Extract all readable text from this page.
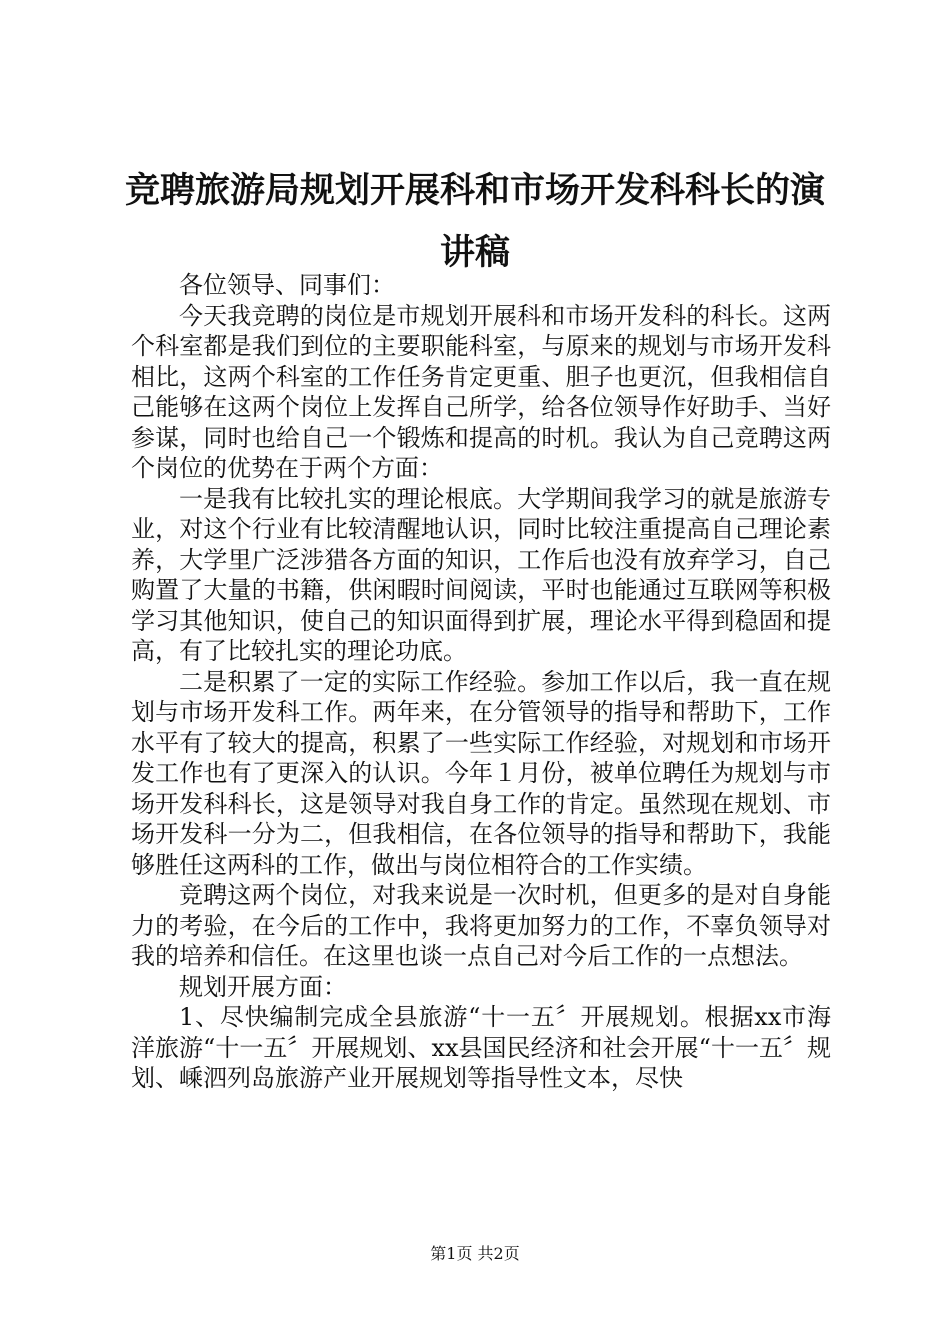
竞聘旅游局规划开展科和市场开发科科长的演讲稿

各位领导、同事们：

今天我竞聘的岗位是市规划开展科和市场开发科的科长。这两个科室都是我们到位的主要职能科室，与原来的规划与市场开发科相比，这两个科室的工作任务肯定更重、胆子也更沉，但我相信自己能够在这两个岗位上发挥自己所学，给各位领导作好助手、当好参谋，同时也给自己一个锻炼和提高的时机。我认为自己竞聘这两个岗位的优势在于两个方面：

一是我有比较扎实的理论根底。大学期间我学习的就是旅游专业，对这个行业有比较清醒地认识，同时比较注重提高自己理论素养，大学里广泛涉猎各方面的知识，工作后也没有放弃学习，自己购置了大量的书籍，供闲暇时间阅读，平时也能通过互联网等积极学习其他知识，使自己的知识面得到扩展，理论水平得到稳固和提高，有了比较扎实的理论功底。

二是积累了一定的实际工作经验。参加工作以后，我一直在规划与市场开发科工作。两年来，在分管领导的指导和帮助下，工作水平有了较大的提高，积累了一些实际工作经验，对规划和市场开发工作也有了更深入的认识。今年１月份，被单位聘任为规划与市场开发科科长，这是领导对我自身工作的肯定。虽然现在规划、市场开发科一分为二，但我相信，在各位领导的指导和帮助下，我能够胜任这两科的工作，做出与岗位相符合的工作实绩。

竞聘这两个岗位，对我来说是一次时机，但更多的是对自身能力的考验，在今后的工作中，我将更加努力的工作，不辜负领导对我的培养和信任。在这里也谈一点自己对今后工作的一点想法。

规划开展方面：

1、尽快编制完成全县旅游“十一五〞开展规划。根据xx市海洋旅游“十一五〞开展规划、xx县国民经济和社会开展“十一五〞规划、嵊泗列岛旅游产业开展规划等指导性文本，尽快

第1页 共2页
